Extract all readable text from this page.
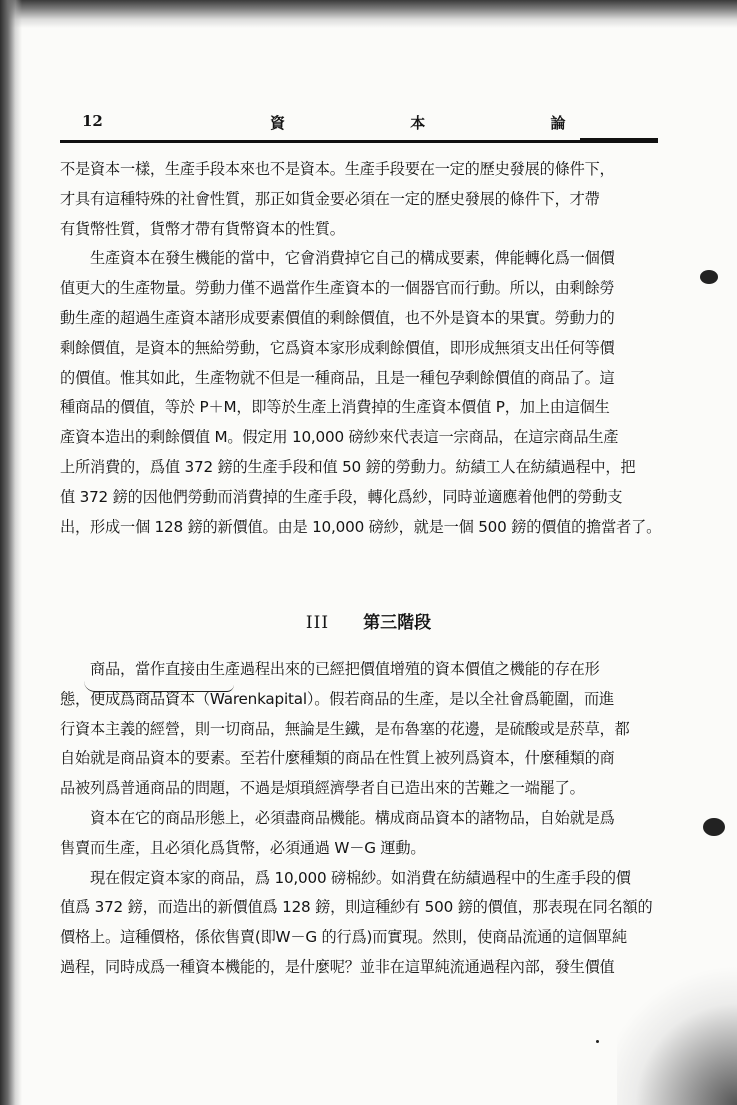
12	資 本 論
不是資本一樣，生產手段本來也不是資本。生產手段要在一定的歷史發展的條件下，
才具有這種特殊的社會性質，那正如貨金要必須在一定的歷史發展的條件下，才帶
有貨幣性質，貨幣才帶有貨幣資本的性質。
生產資本在發生機能的當中，它會消費掉它自己的構成要素，俾能轉化爲一個價
值更大的生產物量。勞動力僅不過當作生產資本的一個器官而行動。所以，由剩餘勞
動生產的超過生產資本諸形成要素價值的剩餘價值，也不外是資本的果實。勞動力的
剩餘價值，是資本的無給勞動，它爲資本家形成剩餘價值，即形成無須支出任何等價
的價值。惟其如此，生產物就不但是一種商品，且是一種包孕剩餘價值的商品了。這
種商品的價值，等於 P＋M，即等於生產上消費掉的生產資本價值 P，加上由這個生
產資本造出的剩餘價值 M。假定用 10,000 磅紗來代表這一宗商品，在這宗商品生產
上所消費的，爲值 372 鎊的生產手段和值 50 鎊的勞動力。紡績工人在紡績過程中，把
值 372 鎊的因他們勞動而消費掉的生產手段，轉化爲紗，同時並適應着他們的勞動支
出，形成一個 128 鎊的新價值。由是 10,000 磅紗，就是一個 500 鎊的價值的擔當者了。
III 第三階段
商品，當作直接由生產過程出來的已經把價值增殖的資本價值之機能的存在形
態，便成爲商品資本（Warenkapital）。假若商品的生產，是以全社會爲範圍，而進
行資本主義的經營，則一切商品，無論是生鐵，是布魯塞的花邊，是硫酸或是菸草，都
自始就是商品資本的要素。至若什麼種類的商品在性質上被列爲資本，什麼種類的商
品被列爲普通商品的問題，不過是煩瑣經濟學者自已造出來的苦難之一端罷了。
資本在它的商品形態上，必須盡商品機能。構成商品資本的諸物品，自始就是爲
售賣而生產，且必須化爲貨幣，必須通過 W－G 運動。
現在假定資本家的商品，爲 10,000 磅棉紗。如消費在紡績過程中的生產手段的價
值爲 372 鎊，而造出的新價值爲 128 鎊，則這種紗有 500 鎊的價值，那表現在同名額的
價格上。這種價格，係依售賣(即W－G 的行爲)而實現。然則，使商品流通的這個單純
過程，同時成爲一種資本機能的，是什麼呢？並非在這單純流通過程內部，發生價值
